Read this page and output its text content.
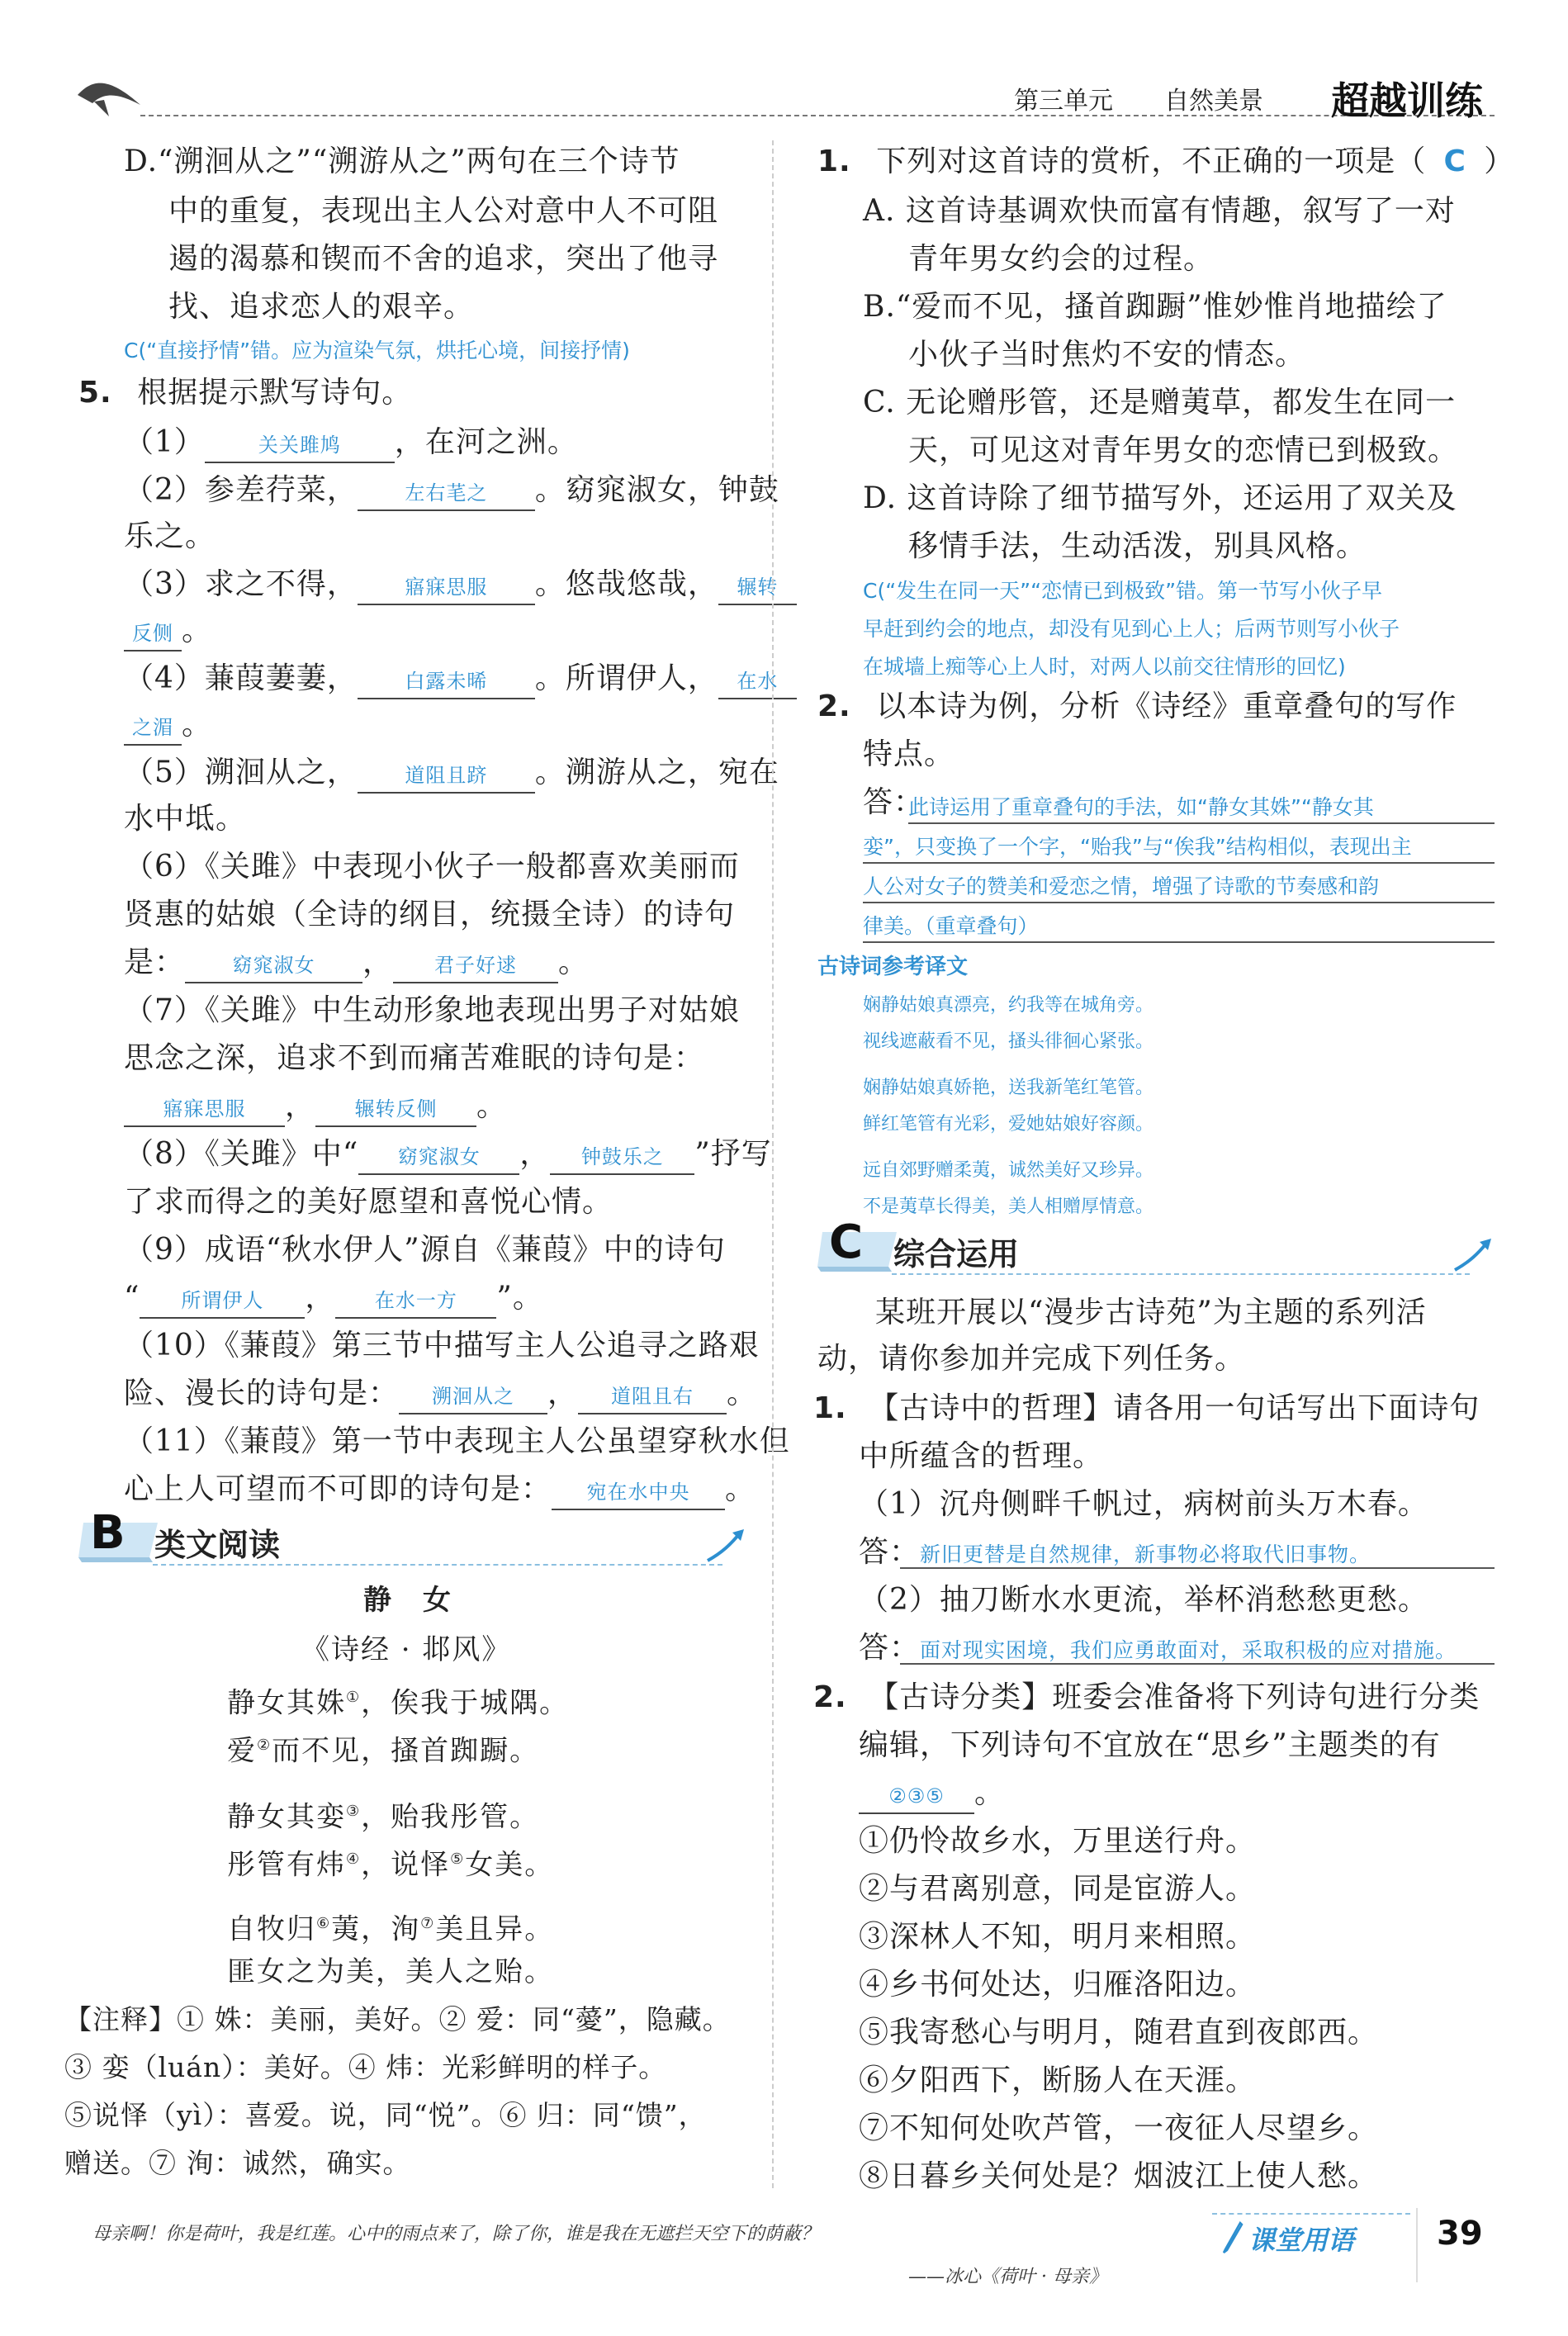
第三单元 自然美景 超越训练
D.“溯洄从之”“溯游从之”两句在三个诗节
中的重复，表现出主人公对意中人不可阻
遏的渴慕和锲而不舍的追求，突出了他寻
找、追求恋人的艰辛。
C(“直接抒情”错。应为渲染气氛，烘托心境，间接抒情)
5. 根据提示默写诗句。
（1）	关关雎鸠 ，在河之洲。
（2）参差荇菜， 左右芼之 。窈窕淑女，钟鼓
乐之。
（3）求之不得， 寤寐思服 。悠哉悠哉， 辗转
反侧 。
（4）蒹葭萋萋， 白露未晞 。所谓伊人， 在水
之湄 。
（5）溯洄从之， 道阻且跻 。溯游从之，宛在
水中坻。
（6）《关雎》中表现小伙子一般都喜欢美丽而
贤惠的姑娘（全诗的纲目，统摄全诗）的诗句
是： 窈窕淑女 ， 君子好逑 。
（7）《关雎》中生动形象地表现出男子对姑娘
思念之深，追求不到而痛苦难眠的诗句是：
寤寐思服 ， 辗转反侧 。
（8）《关雎》中“ 窈窕淑女 ， 钟鼓乐之 ”抒写
了求而得之的美好愿望和喜悦心情。
（9）成语“秋水伊人”源自《蒹葭》中的诗句
“ 所谓伊人 ， 在水一方 ”。
（10）《蒹葭》第三节中描写主人公追寻之路艰
险、漫长的诗句是： 溯洄从之 ， 道阻且右 。
（11）《蒹葭》第一节中表现主人公虽望穿秋水但
心上人可望而不可即的诗句是： 宛在水中央 。
B 类文阅读
静　女
《诗经 · 邶风》
静女其姝①，俟我于城隅。
爱②而不见，搔首踟蹰。
静女其娈③，贻我彤管。
彤管有炜④，说怿⑤女美。
自牧归⑥荑，洵⑦美且异。
匪女之为美，美人之贻。
【注释】① 姝：美丽，美好。② 爱：同“薆”，隐藏。
③ 娈（luán）：美好。④ 炜：光彩鲜明的样子。
⑤说怿（yì）：喜爱。说，同“悦”。⑥ 归：同“馈”，
赠送。⑦ 洵：诚然，确实。
1. 下列对这首诗的赏析，不正确的一项是（ C ）
A. 这首诗基调欢快而富有情趣，叙写了一对
青年男女约会的过程。
B.“爱而不见，搔首踟蹰”惟妙惟肖地描绘了
小伙子当时焦灼不安的情态。
C. 无论赠彤管，还是赠荑草，都发生在同一
天，可见这对青年男女的恋情已到极致。
D. 这首诗除了细节描写外，还运用了双关及
移情手法，生动活泼，别具风格。
C(“发生在同一天”“恋情已到极致”错。第一节写小伙子早
早赶到约会的地点，却没有见到心上人；后两节则写小伙子
在城墙上痴等心上人时，对两人以前交往情形的回忆)
2. 以本诗为例，分析《诗经》重章叠句的写作
特点。
答：
此诗运用了重章叠句的手法，如“静女其姝”“静女其
娈”，只变换了一个字，“贻我”与“俟我”结构相似，表现出主
人公对女子的赞美和爱恋之情，增强了诗歌的节奏感和韵
律美。（重章叠句）
古诗词参考译文
娴静姑娘真漂亮，约我等在城角旁。
视线遮蔽看不见，搔头徘徊心紧张。
娴静姑娘真娇艳，送我新笔红笔管。
鲜红笔管有光彩，爱她姑娘好容颜。
远自郊野赠柔荑，诚然美好又珍异。
不是荑草长得美，美人相赠厚情意。
C 综合运用
某班开展以“漫步古诗苑”为主题的系列活
动，请你参加并完成下列任务。
1. 【古诗中的哲理】请各用一句话写出下面诗句
中所蕴含的哲理。
（1）沉舟侧畔千帆过，病树前头万木春。
答：新旧更替是自然规律，新事物必将取代旧事物。
（2）抽刀断水水更流，举杯消愁愁更愁。
答：面对现实困境，我们应勇敢面对，采取积极的应对措施。
2. 【古诗分类】班委会准备将下列诗句进行分类
编辑，下列诗句不宜放在“思乡”主题类的有
②③⑤ 。
①仍怜故乡水，万里送行舟。
②与君离别意，同是宦游人。
③深林人不知，明月来相照。
④乡书何处达，归雁洛阳边。
⑤我寄愁心与明月，随君直到夜郎西。
⑥夕阳西下，断肠人在天涯。
⑦不知何处吹芦管，一夜征人尽望乡。
⑧日暮乡关何处是？烟波江上使人愁。
母亲啊！你是荷叶，我是红莲。心中的雨点来了，除了你，谁是我在无遮拦天空下的荫蔽？
——冰心《荷叶 · 母亲》
课堂用语 39
